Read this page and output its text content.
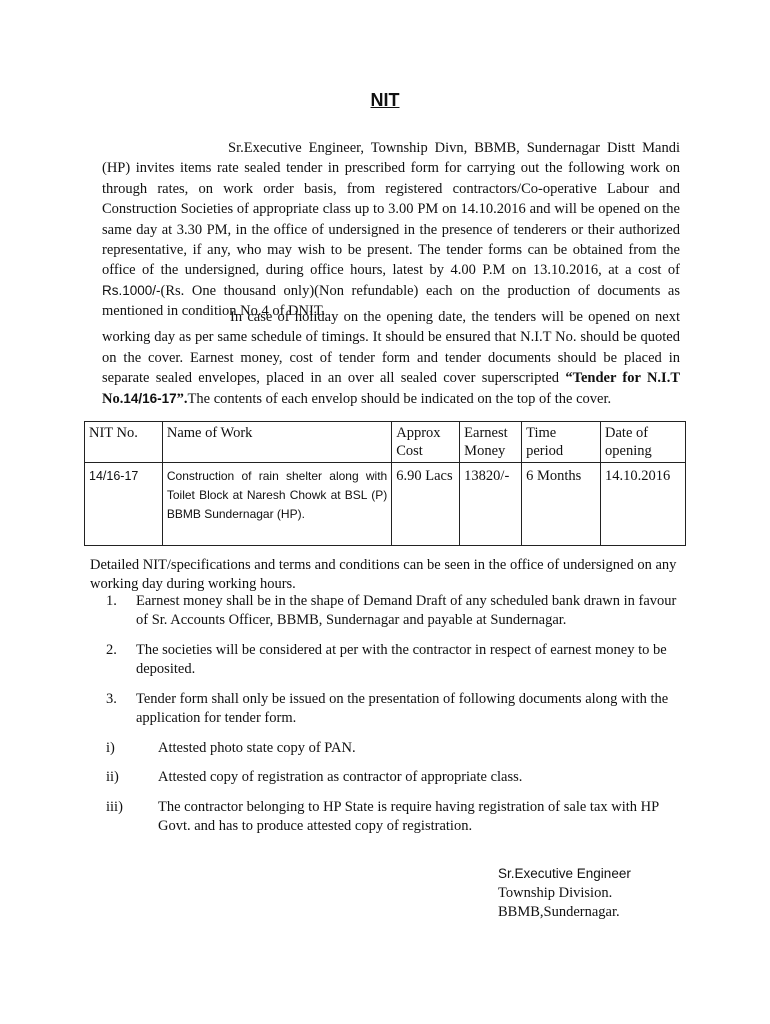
NIT
Sr.Executive Engineer, Township Divn, BBMB, Sundernagar Distt Mandi (HP) invites items rate sealed tender in prescribed form for carrying out the following work on through rates, on work order basis, from registered contractors/Co-operative Labour and Construction Societies of appropriate class up to 3.00 PM on 14.10.2016 and will be opened on the same day at 3.30 PM, in the office of undersigned in the presence of tenderers or their authorized representative, if any, who may wish to be present. The tender forms can be obtained from the office of the undersigned, during office hours, latest by 4.00 P.M on 13.10.2016, at a cost of Rs.1000/-(Rs. One thousand only)(Non refundable) each on the production of documents as mentioned in condition No.4 of DNIT.
In case of holiday on the opening date, the tenders will be opened on next working day as per same schedule of timings. It should be ensured that N.I.T No. should be quoted on the cover. Earnest money, cost of tender form and tender documents should be placed in separate sealed envelopes, placed in an over all sealed cover superscripted “Tender for N.I.T No.14/16-17”.The contents of each envelop should be indicated on the top of the cover.
NIT No.	Name of Work	Approx Cost	Earnest Money	Time period	Date of opening
14/16-17	Construction of rain shelter along with Toilet Block at Naresh Chowk at BSL (P) BBMB Sundernagar (HP).	6.90 Lacs	13820/-	6 Months	14.10.2016
Detailed NIT/specifications and terms and conditions can be seen in the office of undersigned on any working day during working hours.
1.	Earnest money shall be in the shape of Demand Draft of any scheduled bank drawn in favour of Sr. Accounts Officer, BBMB, Sundernagar and payable at Sundernagar.
2.	The societies will be considered at per with the contractor in respect of earnest money to be deposited.
3.	Tender form shall only be issued on the presentation of following documents along with the application for tender form.
i)	Attested photo state copy of PAN.
ii)	Attested copy of registration as contractor of appropriate class.
iii)	The contractor belonging to HP State is require having registration of sale tax with HP Govt. and has to produce attested copy of registration.
Sr.Executive Engineer
Township Division.
BBMB,Sundernagar.
